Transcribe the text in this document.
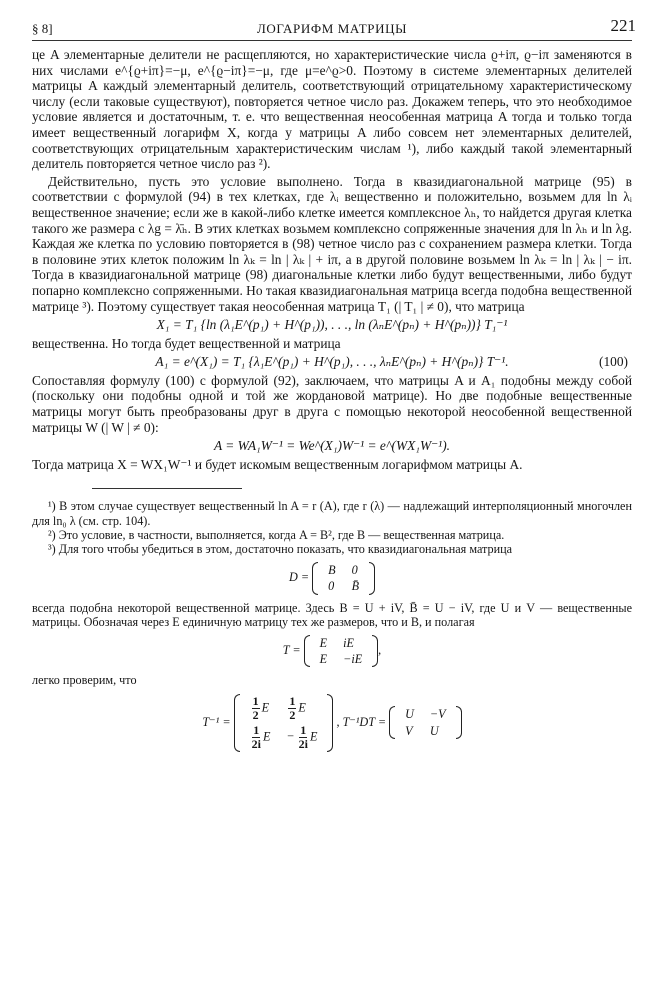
§ 8]	ЛОГАРИФМ МАТРИЦЫ	221

це A элементарные делители не расщепляются, но характеристические числа ϱ+iπ, ϱ−iπ заменяются в них числами e^{ϱ+iπ}=−μ, e^{ϱ−iπ}=−μ, где μ=e^ϱ>0. Поэтому в системе элементарных делителей матрицы A каждый элементарный делитель, соответствующий отрицательному характеристическому числу (если таковые существуют), повторяется четное число раз. Докажем теперь, что это необходимое условие является и достаточным, т. е. что вещественная неособенная матрица A тогда и только тогда имеет вещественный логарифм X, когда у матрицы A либо совсем нет элементарных делителей, соответствующих отрицательным характеристическим числам ¹), либо каждый такой элементарный делитель повторяется четное число раз ²).

Действительно, пусть это условие выполнено. Тогда в квазидиагональной матрице (95) в соответствии с формулой (94) в тех клетках, где λᵢ вещественно и положительно, возьмем для ln λᵢ вещественное значение; если же в какой-либо клетке имеется комплексное λₕ, то найдется другая клетка такого же размера с λg = λ̄ₕ. В этих клетках возьмем комплексно сопряженные значения для ln λₕ и ln λg. Каждая же клетка по условию повторяется в (98) четное число раз с сохранением размера клетки. Тогда в половине этих клеток положим ln λₖ = ln | λₖ | + iπ, а в другой половине возьмем ln λₖ = ln | λₖ | − iπ. Тогда в квазидиагональной матрице (98) диагональные клетки либо будут вещественными, либо будут попарно комплексно сопряженными. Но такая квазидиагональная матрица всегда подобна вещественной матрице ³). Поэтому существует такая неособенная матрица T₁ (| T₁ | ≠ 0), что матрица

X₁ = T₁ {ln (λ₁E^(p₁) + H^(p₁)), . . ., ln (λₙE^(pₙ) + H^(pₙ))} T₁⁻¹

вещественна. Но тогда будет вещественной и матрица

A₁ = e^(X₁) = T₁ {λ₁E^(p₁) + H^(p₁), . . ., λₙE^(pₙ) + H^(pₙ)} T⁻¹.	(100)

Сопоставляя формулу (100) с формулой (92), заключаем, что матрицы A и A₁ подобны между собой (поскольку они подобны одной и той же жордановой матрице). Но две подобные вещественные матрицы могут быть преобразованы друг в друга с помощью некоторой неособенной вещественной матрицы W (| W | ≠ 0):

A = WA₁W⁻¹ = We^(X₁)W⁻¹ = e^(WX₁W⁻¹).

Тогда матрица X = WX₁W⁻¹ и будет искомым вещественным логарифмом матрицы A.

¹) В этом случае существует вещественный ln A = r (A), где r (λ) — надлежащий интерполяционный многочлен для ln₀ λ (см. стр. 104).

²) Это условие, в частности, выполняется, когда A = B², где B — вещественная матрица.

³) Для того чтобы убедиться в этом, достаточно показать, что квазидиагональная матрица

D = B	0
0	B̄

всегда подобна некоторой вещественной матрице. Здесь B = U + iV, B̄ = U − iV, где U и V — вещественные матрицы. Обозначая через E единичную матрицу тех же размеров, что и B, и полагая

T = E	iE
E	−iE
,

легко проверим, что

$T^{-1} = \frac{1}{2}$ E	$\frac{1}{2}$ E

$\frac{1}{2i}$ E	− $\frac{1}{2i}$ E
, T⁻¹DT = U	−V
V	U
